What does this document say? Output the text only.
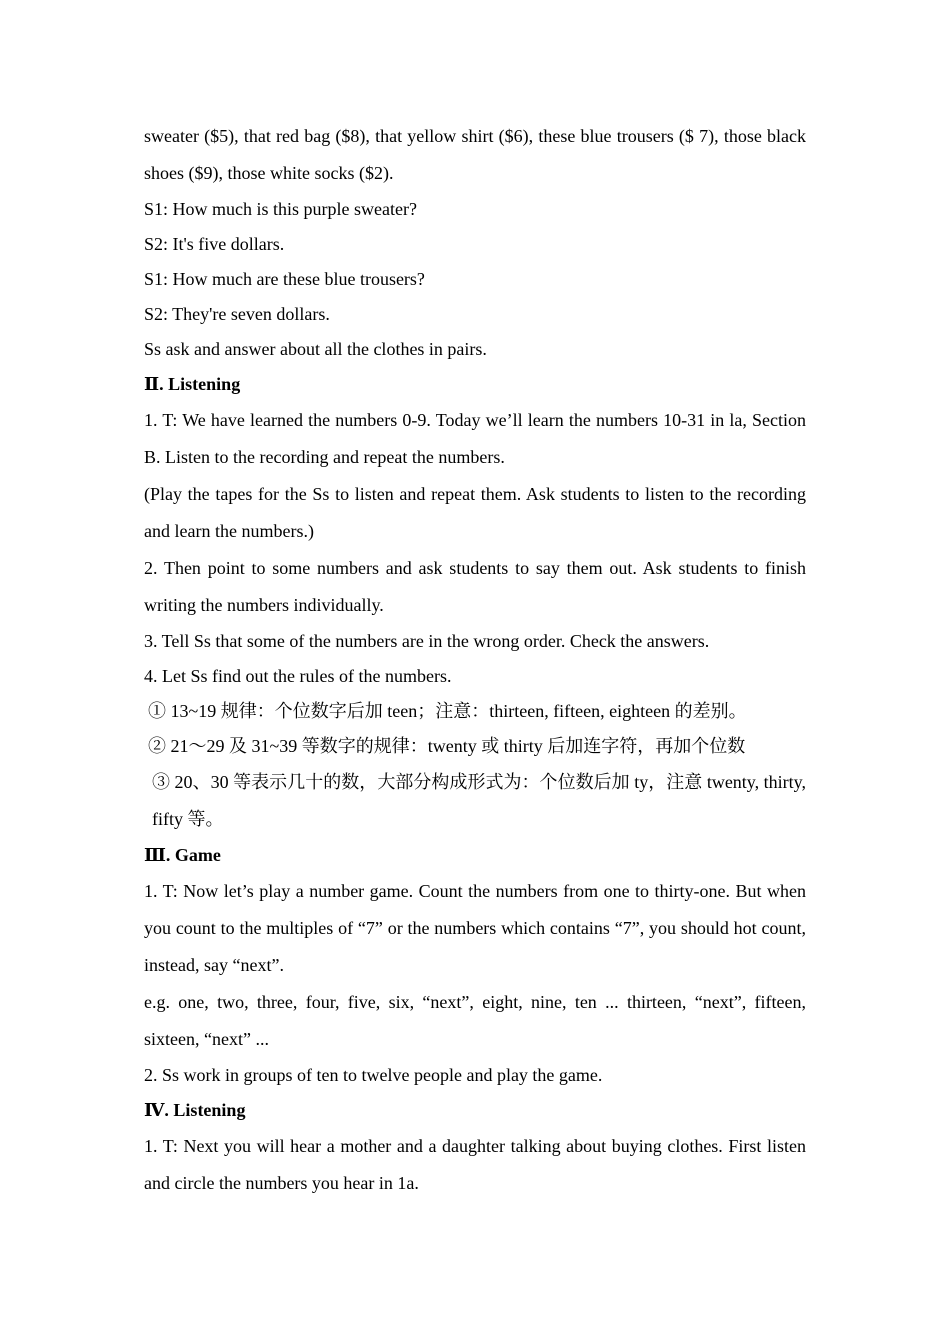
sweater ($5), that red bag ($8), that yellow shirt ($6), these blue trousers ($ 7), those black shoes ($9), those white socks ($2).

S1: How much is this purple sweater?

S2: It's five dollars.

S1: How much are these blue trousers?

S2: They're seven dollars.

Ss ask and answer about all the clothes in pairs.

Ⅱ. Listening

1. T: We have learned the numbers 0-9. Today we’ll learn the numbers 10-31 in la, Section B. Listen to the recording and repeat the numbers.

(Play the tapes for the Ss to listen and repeat them. Ask students to listen to the recording and learn the numbers.)

2. Then point to some numbers and ask students to say them out. Ask students to finish writing the numbers individually.

3. Tell Ss that some of the numbers are in the wrong order. Check the answers.

4. Let Ss find out the rules of the numbers.

① 13~19 规律：个位数字后加 teen；注意：thirteen, fifteen, eighteen 的差别。

② 21～29 及 31~39 等数字的规律：twenty 或 thirty 后加连字符，再加个位数

③ 20、30 等表示几十的数，大部分构成形式为：个位数后加 ty，注意 twenty, thirty, fifty 等。

Ⅲ. Game

1. T: Now let’s play a number game. Count the numbers from one to thirty-one. But when you count to the multiples of “7” or the numbers which contains “7”, you should hot count, instead, say “next”.

e.g. one, two, three, four, five, six, “next”, eight, nine, ten ... thirteen, “next”, fifteen, sixteen, “next” ...

2. Ss work in groups of ten to twelve people and play the game.

Ⅳ. Listening

1. T: Next you will hear a mother and a daughter talking about buying clothes. First listen and circle the numbers you hear in 1a.
